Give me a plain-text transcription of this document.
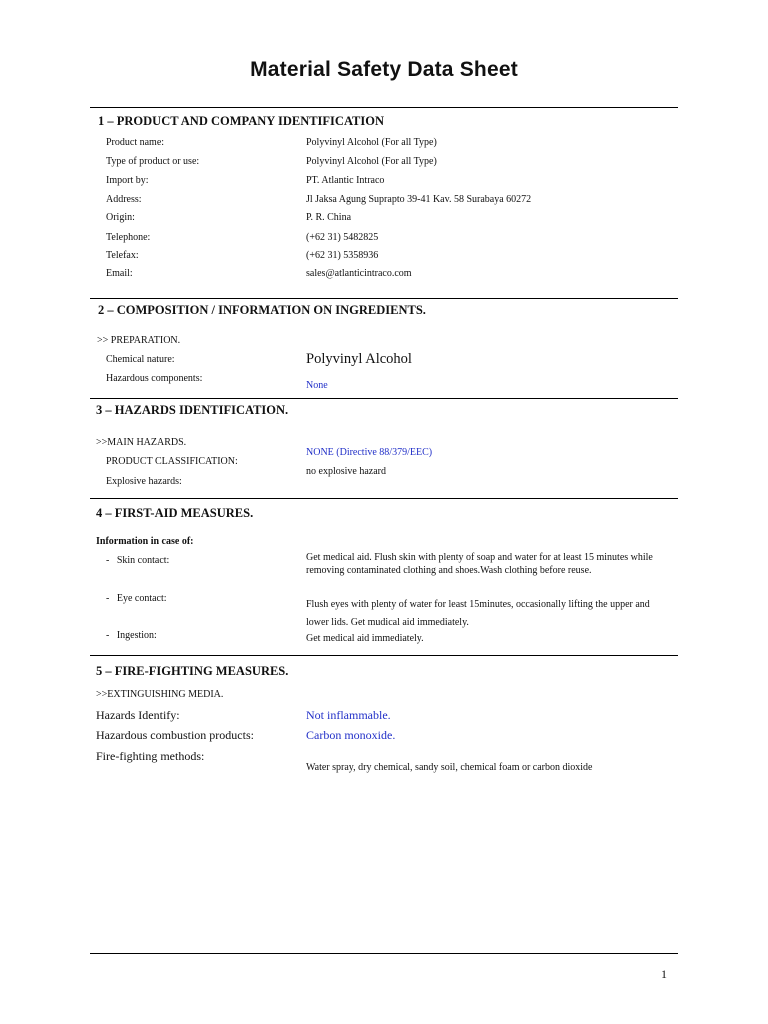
Material Safety Data Sheet
1 – PRODUCT AND COMPANY IDENTIFICATION
Product name:	Polyvinyl Alcohol (For all Type)
Type of product or use:	Polyvinyl Alcohol (For all Type)
Import by:	PT. Atlantic Intraco
Address:	Jl Jaksa Agung Suprapto 39-41 Kav. 58 Surabaya 60272
Origin:	P. R. China
Telephone:	(+62 31) 5482825
Telefax:	(+62 31) 5358936
Email:	sales@atlanticintraco.com
2 – COMPOSITION / INFORMATION ON INGREDIENTS.
>> PREPARATION.
Chemical nature:	Polyvinyl Alcohol
Hazardous components:
None
3 – HAZARDS IDENTIFICATION.
>>MAIN HAZARDS.
PRODUCT CLASSIFICATION:
NONE (Directive 88/379/EEC)
Explosive hazards:
no explosive hazard
4 – FIRST-AID MEASURES.
Information in case of:
-   Skin contact:	Get medical aid. Flush skin with plenty of soap and water for at least 15 minutes while removing contaminated clothing and shoes.Wash clothing before reuse.
-   Eye contact:
Flush eyes with plenty of water for least 15minutes, occasionally lifting the upper and lower lids. Get mudical aid immediately.
-   Ingestion:	Get medical aid immediately.
5 – FIRE-FIGHTING MEASURES.
>>EXTINGUISHING MEDIA.
Hazards Identify:	Not inflammable.
Hazardous combustion products:	Carbon monoxide.
Fire-fighting methods:
Water spray, dry chemical, sandy soil, chemical foam or carbon dioxide
1
